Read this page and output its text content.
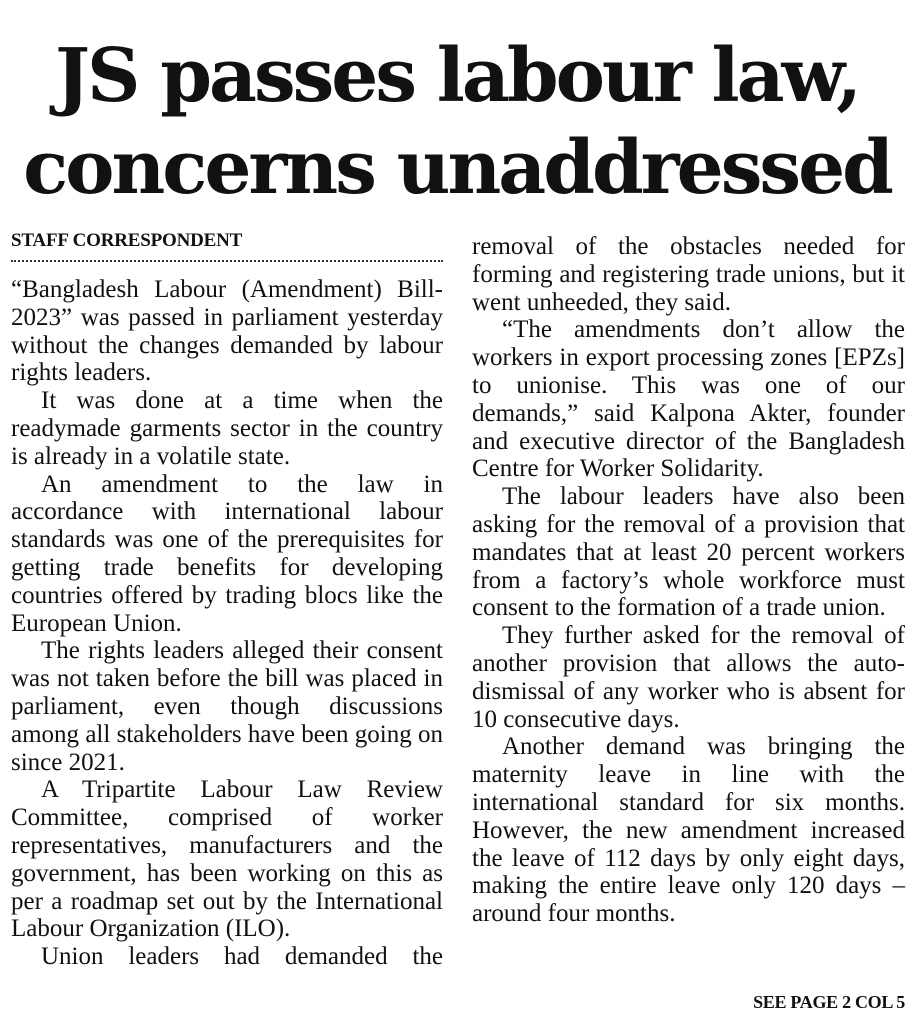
JS passes labour law,
concerns unaddressed
STAFF CORRESPONDENT

“Bangladesh Labour (Amendment) Bill-2023” was passed in parliament yesterday without the changes demanded by labour rights leaders.

It was done at a time when the readymade garments sector in the country is already in a volatile state.

An amendment to the law in accordance with international labour standards was one of the prerequisites for getting trade benefits for developing countries offered by trading blocs like the European Union.

The rights leaders alleged their consent was not taken before the bill was placed in parliament, even though discussions among all stakeholders have been going on since 2021.

A Tripartite Labour Law Review Committee, comprised of worker representatives, manufacturers and the government, has been working on this as per a roadmap set out by the International Labour Organization (ILO).

Union leaders had demanded the

removal of the obstacles needed for forming and registering trade unions, but it went unheeded, they said.

“The amendments don’t allow the workers in export processing zones [EPZs] to unionise. This was one of our demands,” said Kalpona Akter, founder and executive director of the Bangladesh Centre for Worker Solidarity.

The labour leaders have also been asking for the removal of a provision that mandates that at least 20 percent workers from a factory’s whole workforce must consent to the formation of a trade union.

They further asked for the removal of another provision that allows the auto-dismissal of any worker who is absent for 10 consecutive days.

Another demand was bringing the maternity leave in line with the international standard for six months. However, the new amendment increased the leave of 112 days by only eight days, making the entire leave only 120 days – around four months.

SEE PAGE 2 COL 5
